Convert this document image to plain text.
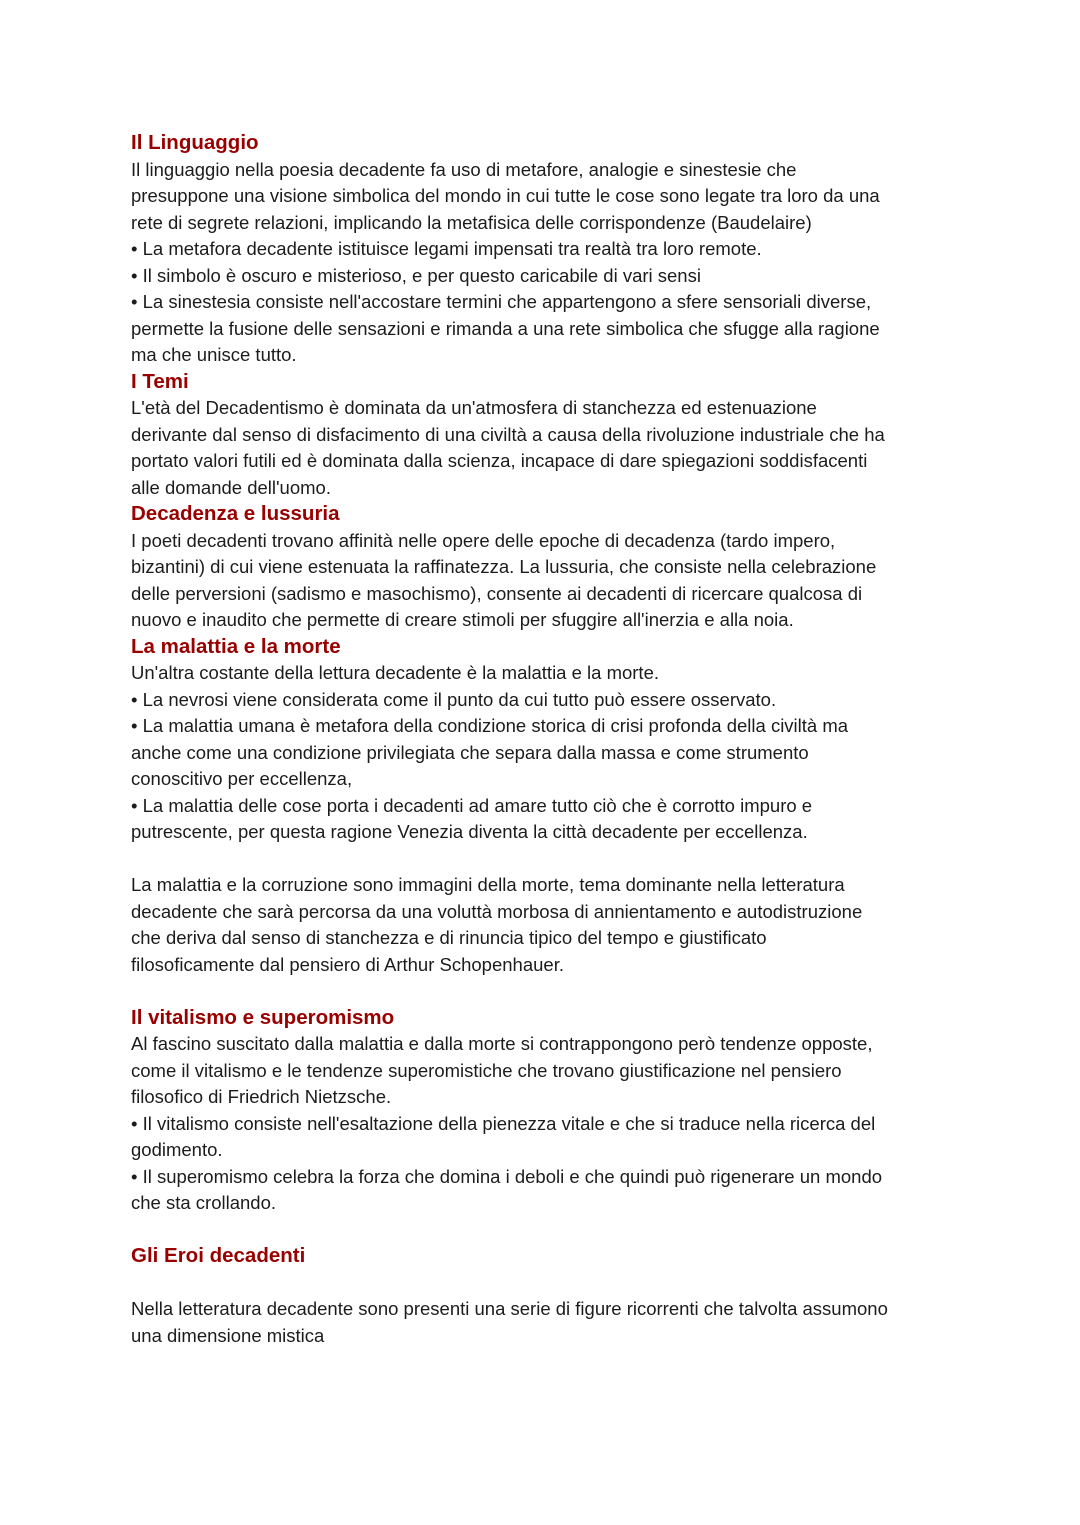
Il Linguaggio

Il linguaggio nella poesia decadente fa uso di metafore, analogie e sinestesie che

presuppone una visione simbolica del mondo in cui tutte le cose sono legate tra loro da una

rete di segrete relazioni, implicando la metafisica delle corrispondenze (Baudelaire)

• La metafora decadente istituisce legami impensati tra realtà tra loro remote.

• Il simbolo è oscuro e misterioso, e per questo caricabile di vari sensi

• La sinestesia consiste nell'accostare termini che appartengono a sfere sensoriali diverse,

permette la fusione delle sensazioni e rimanda a una rete simbolica che sfugge alla ragione

ma che unisce tutto.

I Temi

L'età del Decadentismo è dominata da un'atmosfera di stanchezza ed estenuazione

derivante dal senso di disfacimento di una civiltà a causa della rivoluzione industriale che ha

portato valori futili ed è dominata dalla scienza, incapace di dare spiegazioni soddisfacenti

alle domande dell'uomo.

Decadenza e lussuria

I poeti decadenti trovano affinità nelle opere delle epoche di decadenza (tardo impero,

bizantini) di cui viene estenuata la raffinatezza. La lussuria, che consiste nella celebrazione

delle perversioni (sadismo e masochismo), consente ai decadenti di ricercare qualcosa di

nuovo e inaudito che permette di creare stimoli per sfuggire all'inerzia e alla noia.

La malattia e la morte

Un'altra costante della lettura decadente è la malattia e la morte.

• La nevrosi viene considerata come il punto da cui tutto può essere osservato.

• La malattia umana è metafora della condizione storica di crisi profonda della civiltà ma

anche come una condizione privilegiata che separa dalla massa e come strumento

conoscitivo per eccellenza,

• La malattia delle cose porta i decadenti ad amare tutto ciò che è corrotto impuro e

putrescente, per questa ragione Venezia diventa la città decadente per eccellenza.

La malattia e la corruzione sono immagini della morte, tema dominante nella letteratura

decadente che sarà percorsa da una voluttà morbosa di annientamento e autodistruzione

che deriva dal senso di stanchezza e di rinuncia tipico del tempo e giustificato

filosoficamente dal pensiero di Arthur Schopenhauer.

Il vitalismo e superomismo

Al fascino suscitato dalla malattia e dalla morte si contrappongono però tendenze opposte,

come il vitalismo e le tendenze superomistiche che trovano giustificazione nel pensiero

filosofico di Friedrich Nietzsche.

• Il vitalismo consiste nell'esaltazione della pienezza vitale e che si traduce nella ricerca del

godimento.

• Il superomismo celebra la forza che domina i deboli e che quindi può rigenerare un mondo

che sta crollando.

Gli Eroi decadenti

Nella letteratura decadente sono presenti una serie di figure ricorrenti che talvolta assumono

una dimensione mistica
